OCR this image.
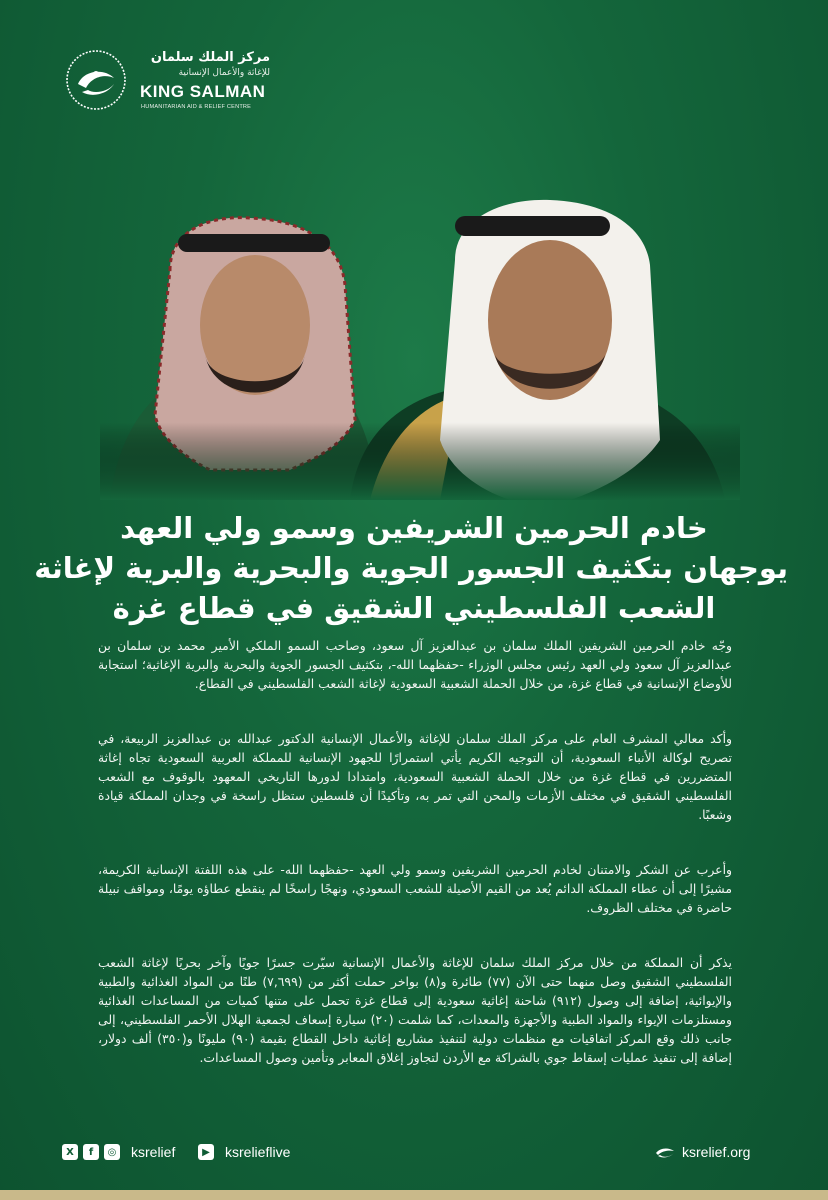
مركز الملك سلمان
للإغاثة والأعمال الإنسانية
KING SALMAN
HUMANITARIAN AID & RELIEF CENTRE
خادم الحرمين الشريفين وسمو ولي العهد
يوجهان بتكثيف الجسور الجوية والبحرية والبرية لإغاثة
الشعب الفلسطيني الشقيق في قطاع غزة

وجّه خادم الحرمين الشريفين الملك سلمان بن عبدالعزيز آل سعود، وصاحب السمو الملكي الأمير محمد بن سلمان بن عبدالعزيز آل سعود ولي العهد رئيس مجلس الوزراء -حفظهما الله-، بتكثيف الجسور الجوية والبحرية والبرية الإغاثية؛ استجابة للأوضاع الإنسانية في قطاع غزة، من خلال الحملة الشعبية السعودية لإغاثة الشعب الفلسطيني في القطاع.

وأكد معالي المشرف العام على مركز الملك سلمان للإغاثة والأعمال الإنسانية الدكتور عبدالله بن عبدالعزيز الربيعة، في تصريح لوكالة الأنباء السعودية، أن التوجيه الكريم يأتي استمرارًا للجهود الإنسانية للمملكة العربية السعودية تجاه إغاثة المتضررين في قطاع غزة من خلال الحملة الشعبية السعودية، وامتدادا لدورها التاريخي المعهود بالوقوف مع الشعب الفلسطيني الشقيق في مختلف الأزمات والمحن التي تمر به، وتأكيدًا أن فلسطين ستظل راسخة في وجدان المملكة قيادة وشعبًا.

وأعرب عن الشكر والامتنان لخادم الحرمين الشريفين وسمو ولي العهد -حفظهما الله- على هذه اللفتة الإنسانية الكريمة، مشيرًا إلى أن عطاء المملكة الدائم يُعد من القيم الأصيلة للشعب السعودي، ونهجًا راسخًا لم ينقطع عطاؤه يومًا، ومواقف نبيلة حاضرة في مختلف الظروف.

يذكر أن المملكة من خلال مركز الملك سلمان للإغاثة والأعمال الإنسانية سيّرت جسرًا جويًا وآخر بحريًا لإغاثة الشعب الفلسطيني الشقيق وصل منهما حتى الآن (٧٧) طائرة و(٨) بواخر حملت أكثر من (٧,٦٩٩) طنًا من المواد الغذائية والطبية والإيوائية، إضافة إلى وصول (٩١٢) شاحنة إغاثية سعودية إلى قطاع غزة تحمل على متنها كميات من المساعدات الغذائية ومستلزمات الإيواء والمواد الطبية والأجهزة والمعدات، كما شلمت (٢٠) سيارة إسعاف لجمعية الهلال الأحمر الفلسطيني، إلى جانب ذلك وقع المركز اتفاقيات مع منظمات دولية لتنفيذ مشاريع إغاثية داخل القطاع بقيمة (٩٠) مليونًا و(٣٥٠) ألف دولار، إضافة إلى تنفيذ عمليات إسقاط جوي بالشراكة مع الأردن لتجاوز إغلاق المعابر وتأمين وصول المساعدات.

X	f	◎ ksrelief	▶ ksrelieflive	ksrelief.org
